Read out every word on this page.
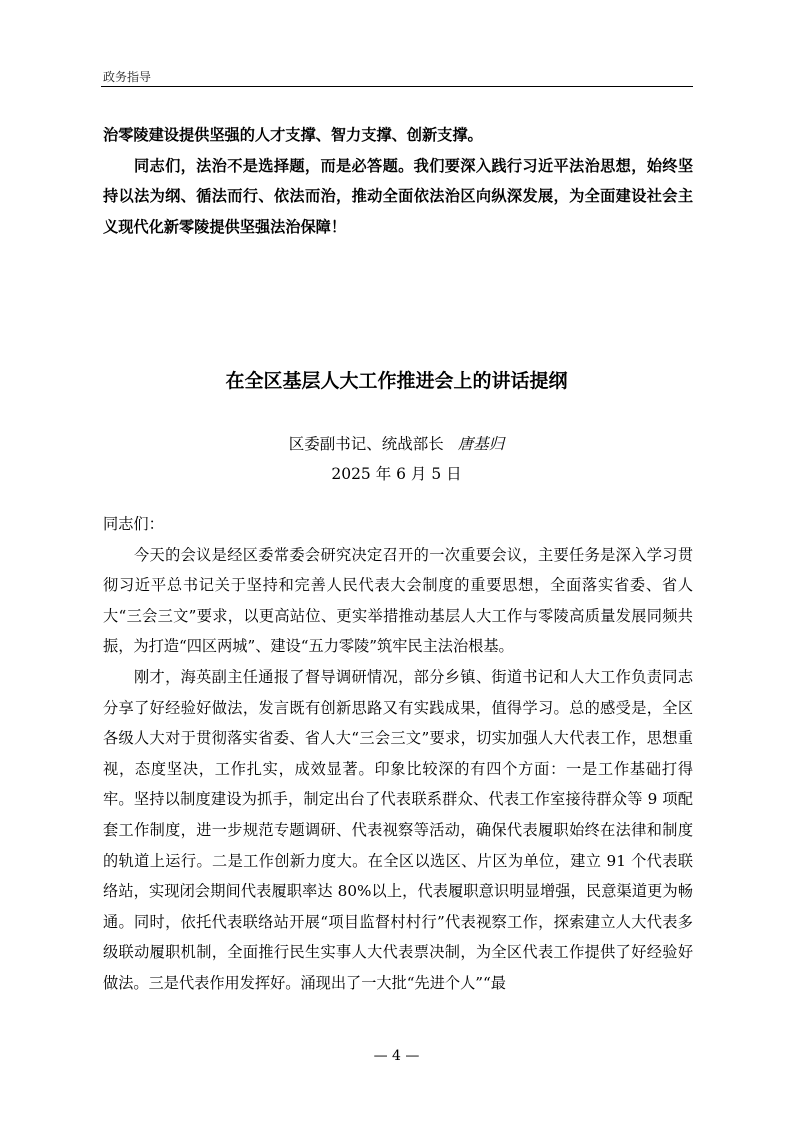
政务指导

治零陵建设提供坚强的人才支撑、智力支撑、创新支撑。

同志们，法治不是选择题，而是必答题。我们要深入践行习近平法治思想，始终坚持以法为纲、循法而行、依法而治，推动全面依法治区向纵深发展，为全面建设社会主义现代化新零陵提供坚强法治保障！

在全区基层人大工作推进会上的讲话提纲
区委副书记、统战部长 唐基归
2025 年 6 月 5 日

同志们：

今天的会议是经区委常委会研究决定召开的一次重要会议，主要任务是深入学习贯彻习近平总书记关于坚持和完善人民代表大会制度的重要思想，全面落实省委、省人大“三会三文”要求，以更高站位、更实举措推动基层人大工作与零陵高质量发展同频共振，为打造“四区两城”、建设“五力零陵”筑牢民主法治根基。

刚才，海英副主任通报了督导调研情况，部分乡镇、街道书记和人大工作负责同志分享了好经验好做法，发言既有创新思路又有实践成果，值得学习。总的感受是，全区各级人大对于贯彻落实省委、省人大“三会三文”要求，切实加强人大代表工作，思想重视，态度坚决，工作扎实，成效显著。印象比较深的有四个方面：一是工作基础打得牢。坚持以制度建设为抓手，制定出台了代表联系群众、代表工作室接待群众等 9 项配套工作制度，进一步规范专题调研、代表视察等活动，确保代表履职始终在法律和制度的轨道上运行。二是工作创新力度大。在全区以选区、片区为单位，建立 91 个代表联络站，实现闭会期间代表履职率达 80%以上，代表履职意识明显增强，民意渠道更为畅通。同时，依托代表联络站开展“项目监督村村行”代表视察工作，探索建立人大代表多级联动履职机制，全面推行民生实事人大代表票决制，为全区代表工作提供了好经验好做法。三是代表作用发挥好。涌现出了一大批“先进个人”“最

— 4 —
